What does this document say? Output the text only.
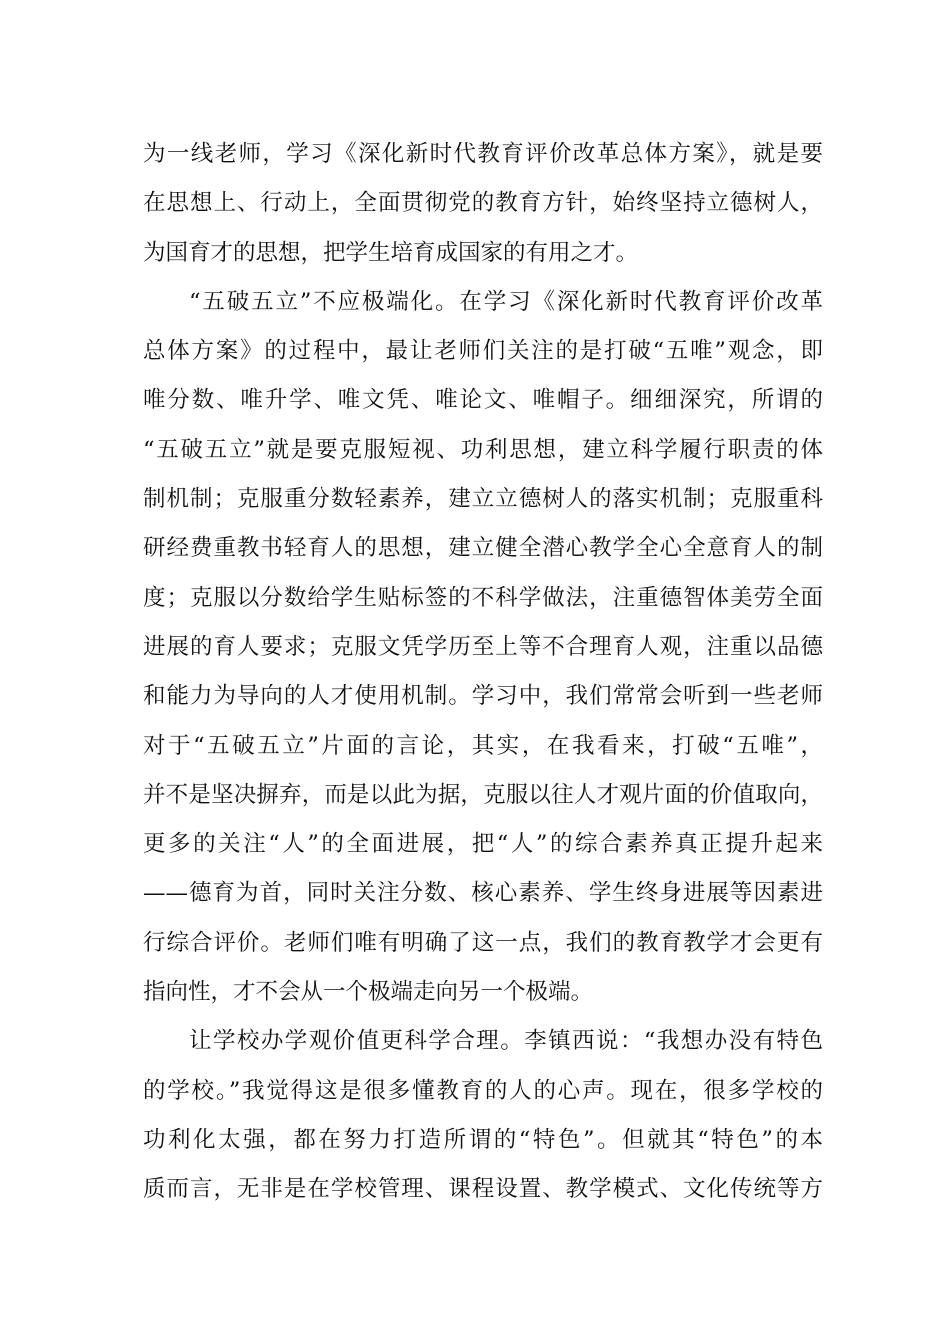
为一线老师，学习《深化新时代教育评价改革总体方案》，就是要
在思想上、行动上，全面贯彻党的教育方针，始终坚持立德树人，
为国育才的思想，把学生培育成国家的有用之才。
“五破五立”不应极端化。在学习《深化新时代教育评价改革
总体方案》的过程中，最让老师们关注的是打破“五唯”观念，即
唯分数、唯升学、唯文凭、唯论文、唯帽子。细细深究，所谓的
“五破五立”就是要克服短视、功利思想，建立科学履行职责的体
制机制；克服重分数轻素养，建立立德树人的落实机制；克服重科
研经费重教书轻育人的思想，建立健全潜心教学全心全意育人的制
度；克服以分数给学生贴标签的不科学做法，注重德智体美劳全面
进展的育人要求；克服文凭学历至上等不合理育人观，注重以品德
和能力为导向的人才使用机制。学习中，我们常常会听到一些老师
对于“五破五立”片面的言论，其实，在我看来，打破“五唯”，
并不是坚决摒弃，而是以此为据，克服以往人才观片面的价值取向，
更多的关注“人”的全面进展，把“人”的综合素养真正提升起来
——德育为首，同时关注分数、核心素养、学生终身进展等因素进
行综合评价。老师们唯有明确了这一点，我们的教育教学才会更有
指向性，才不会从一个极端走向另一个极端。
让学校办学观价值更科学合理。李镇西说：“我想办没有特色
的学校。”我觉得这是很多懂教育的人的心声。现在，很多学校的
功利化太强，都在努力打造所谓的“特色”。但就其“特色”的本
质而言，无非是在学校管理、课程设置、教学模式、文化传统等方
